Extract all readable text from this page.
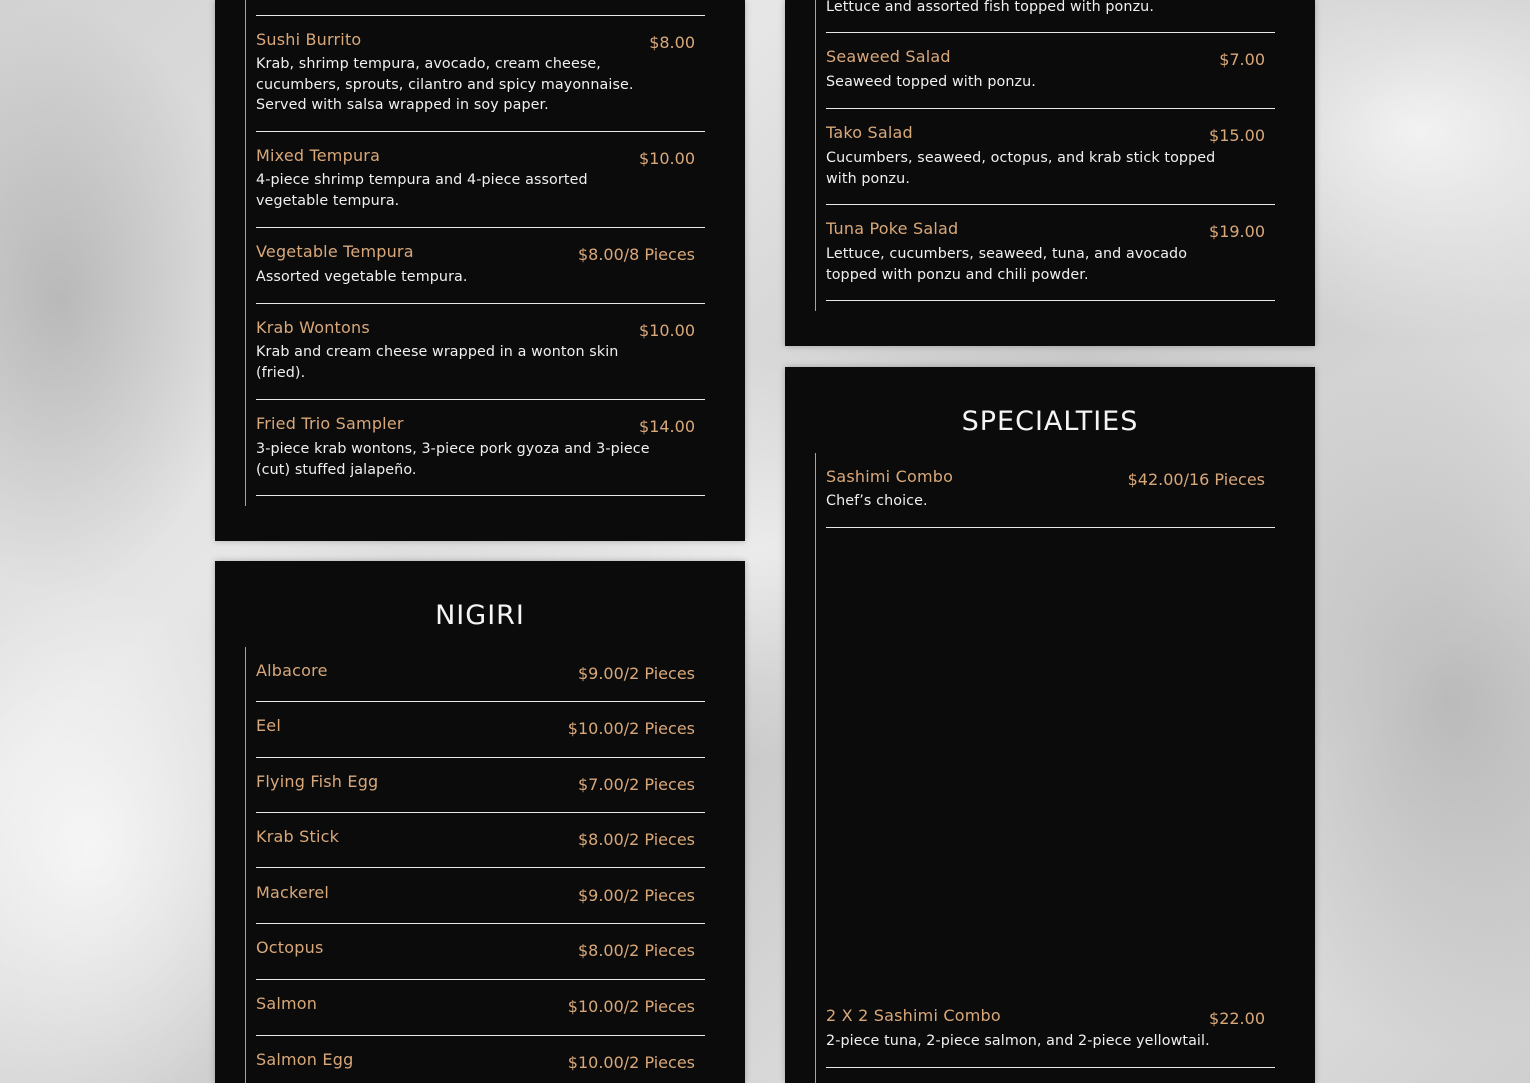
Sushi Burrito	$8.00
Krab, shrimp tempura, avocado, cream cheese, cucumbers, sprouts, cilantro and spicy mayonnaise. Served with salsa wrapped in soy paper.
Mixed Tempura	$10.00
4-piece shrimp tempura and 4-piece assorted vegetable tempura.
Vegetable Tempura	$8.00/8 Pieces
Assorted vegetable tempura.
Krab Wontons	$10.00
Krab and cream cheese wrapped in a wonton skin (fried).
Fried Trio Sampler	$14.00
3-piece krab wontons, 3-piece pork gyoza and 3-piece (cut) stuffed jalapeño.
Lettuce and assorted fish topped with ponzu.
Seaweed Salad	$7.00
Seaweed topped with ponzu.
Tako Salad	$15.00
Cucumbers, seaweed, octopus, and krab stick topped with ponzu.
Tuna Poke Salad	$19.00
Lettuce, cucumbers, seaweed, tuna, and avocado topped with ponzu and chili powder.
NIGIRI
Albacore	$9.00/2 Pieces
Eel	$10.00/2 Pieces
Flying Fish Egg	$7.00/2 Pieces
Krab Stick	$8.00/2 Pieces
Mackerel	$9.00/2 Pieces
Octopus	$8.00/2 Pieces
Salmon	$10.00/2 Pieces
Salmon Egg	$10.00/2 Pieces
SPECIALTIES
Sashimi Combo	$42.00/16 Pieces
Chef’s choice.
2 X 2 Sashimi Combo	$22.00
2-piece tuna, 2-piece salmon, and 2-piece yellowtail.
